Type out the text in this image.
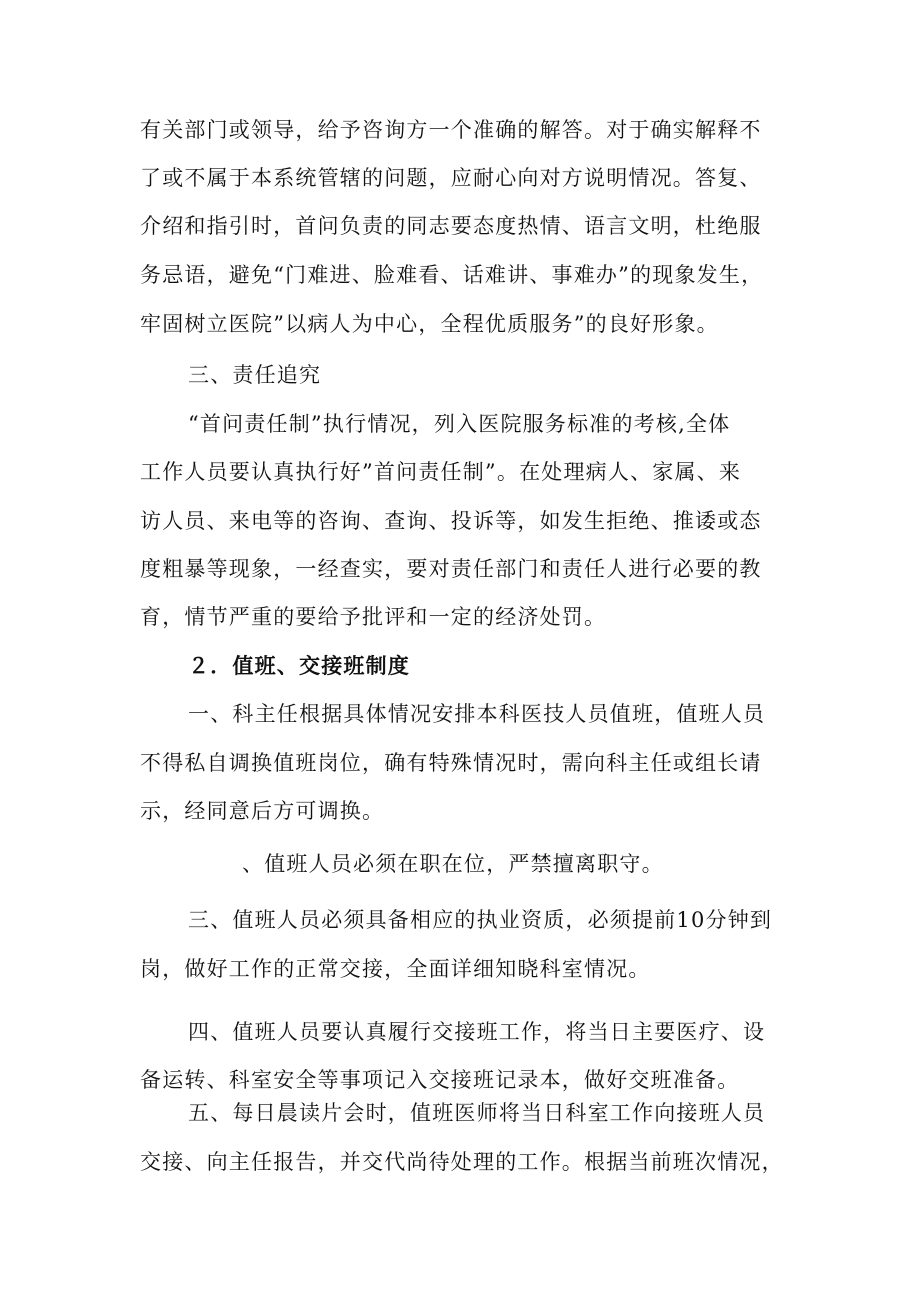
有关部门或领导，给予咨询方一个准确的解答。对于确实解释不
了或不属于本系统管辖的问题，应耐心向对方说明情况。答复、
介绍和指引时，首问负责的同志要态度热情、语言文明，杜绝服
务忌语，避免“门难进、脸难看、话难讲、事难办”的现象发生，
牢固树立医院”以病人为中心，全程优质服务”的良好形象。
三、责任追究
“首问责任制”执行情况，列入医院服务标准的考核,全体
工作人员要认真执行好”首问责任制”。在处理病人、家属、来
访人员、来电等的咨询、查询、投诉等，如发生拒绝、推诿或态
度粗暴等现象，一经查实，要对责任部门和责任人进行必要的教
育，情节严重的要给予批评和一定的经济处罚。
２．值班、交接班制度
一、科主任根据具体情况安排本科医技人员值班，值班人员
不得私自调换值班岗位，确有特殊情况时，需向科主任或组长请
示，经同意后方可调换。
、值班人员必须在职在位，严禁擅离职守。
三、值班人员必须具备相应的执业资质，必须提前10分钟到
岗，做好工作的正常交接，全面详细知晓科室情况。
四、值班人员要认真履行交接班工作，将当日主要医疗、设
备运转、科室安全等事项记入交接班记录本，做好交班准备。
五、每日晨读片会时，值班医师将当日科室工作向接班人员
交接、向主任报告，并交代尚待处理的工作。根据当前班次情况，
